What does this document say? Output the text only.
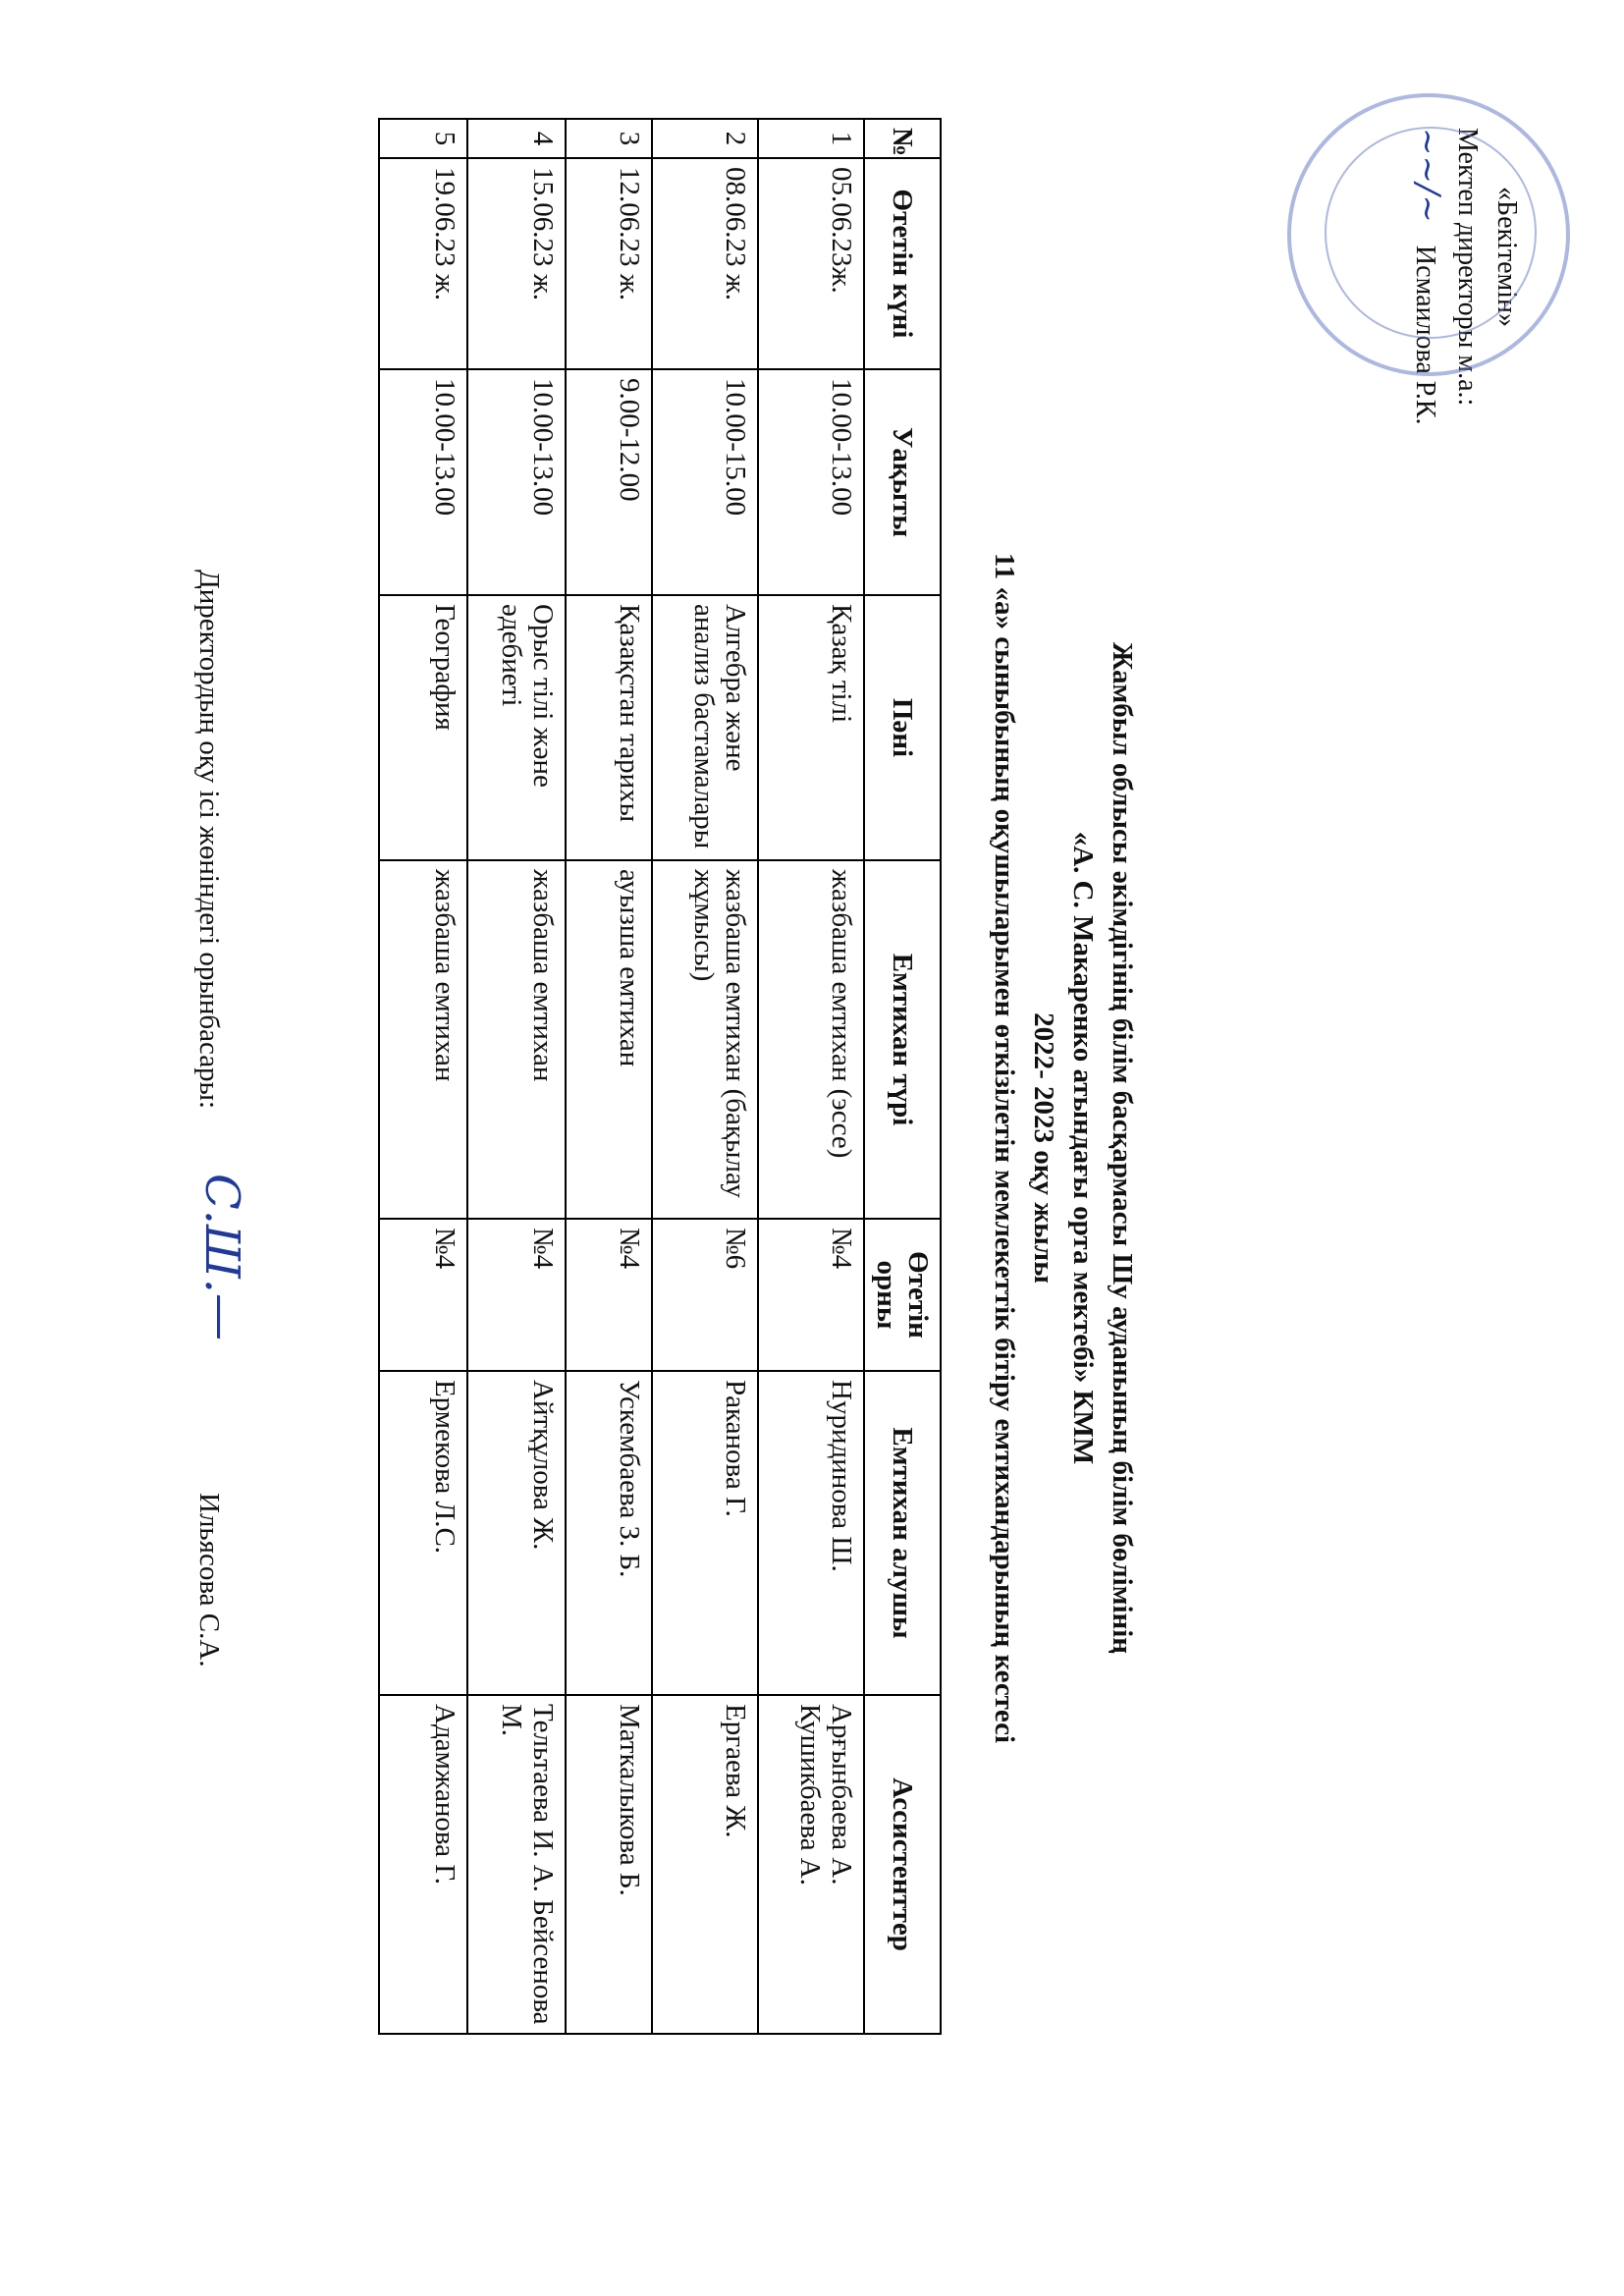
«Бекітемін»
Мектеп директоры м.а.:
~~/~ Исмаилова Р.К.
Жамбыл облысы әкімдігінің білім басқармасы Шу ауданының білім бөлімінің
«А. С. Макаренко атындағы орта мектебі» КММ
2022- 2023 оқу жылы
11 «а» сыныбының оқушыларымен өткізілетін мемлекеттік бітіру емтихандарының кестесі
№	Өтетін күні	Уақыты	Пәні	Емтихан түрі	Өтетін орны	Емтихан алушы	Ассистенттер
1	05.06.23ж.	10.00-13.00	Қазақ тілі	жазбаша емтихан (эссе)	№4	Нуридинова Ш.	Арғынбаева А. Кушикбаева А.
2	08.06.23 ж.	10.00-15.00	Алгебра және анализ бастамалары	жазбаша емтихан (бақылау жұмысы)	№6	Раканова Г.	Ергаева Ж.
3	12.06.23 ж.	9.00-12.00	Қазақстан тарихы	ауызша емтихан	№4	Ускембаева З. Б.	Маткалыкова Б.
4	15.06.23 ж.	10.00-13.00	Орыс тілі және әдебиеті	жазбаша емтихан	№4	Айтқұлова Ж.	Тельтаева И. А. Бейсенова М.
5	19.06.23 ж.	10.00-13.00	География	жазбаша емтихан	№4	Ермекова Л.С.	Адамжанова Г.
Директордың оқу ісі жөніндегі орынбасары:
С.Ш.—
Ильясова С.А.
